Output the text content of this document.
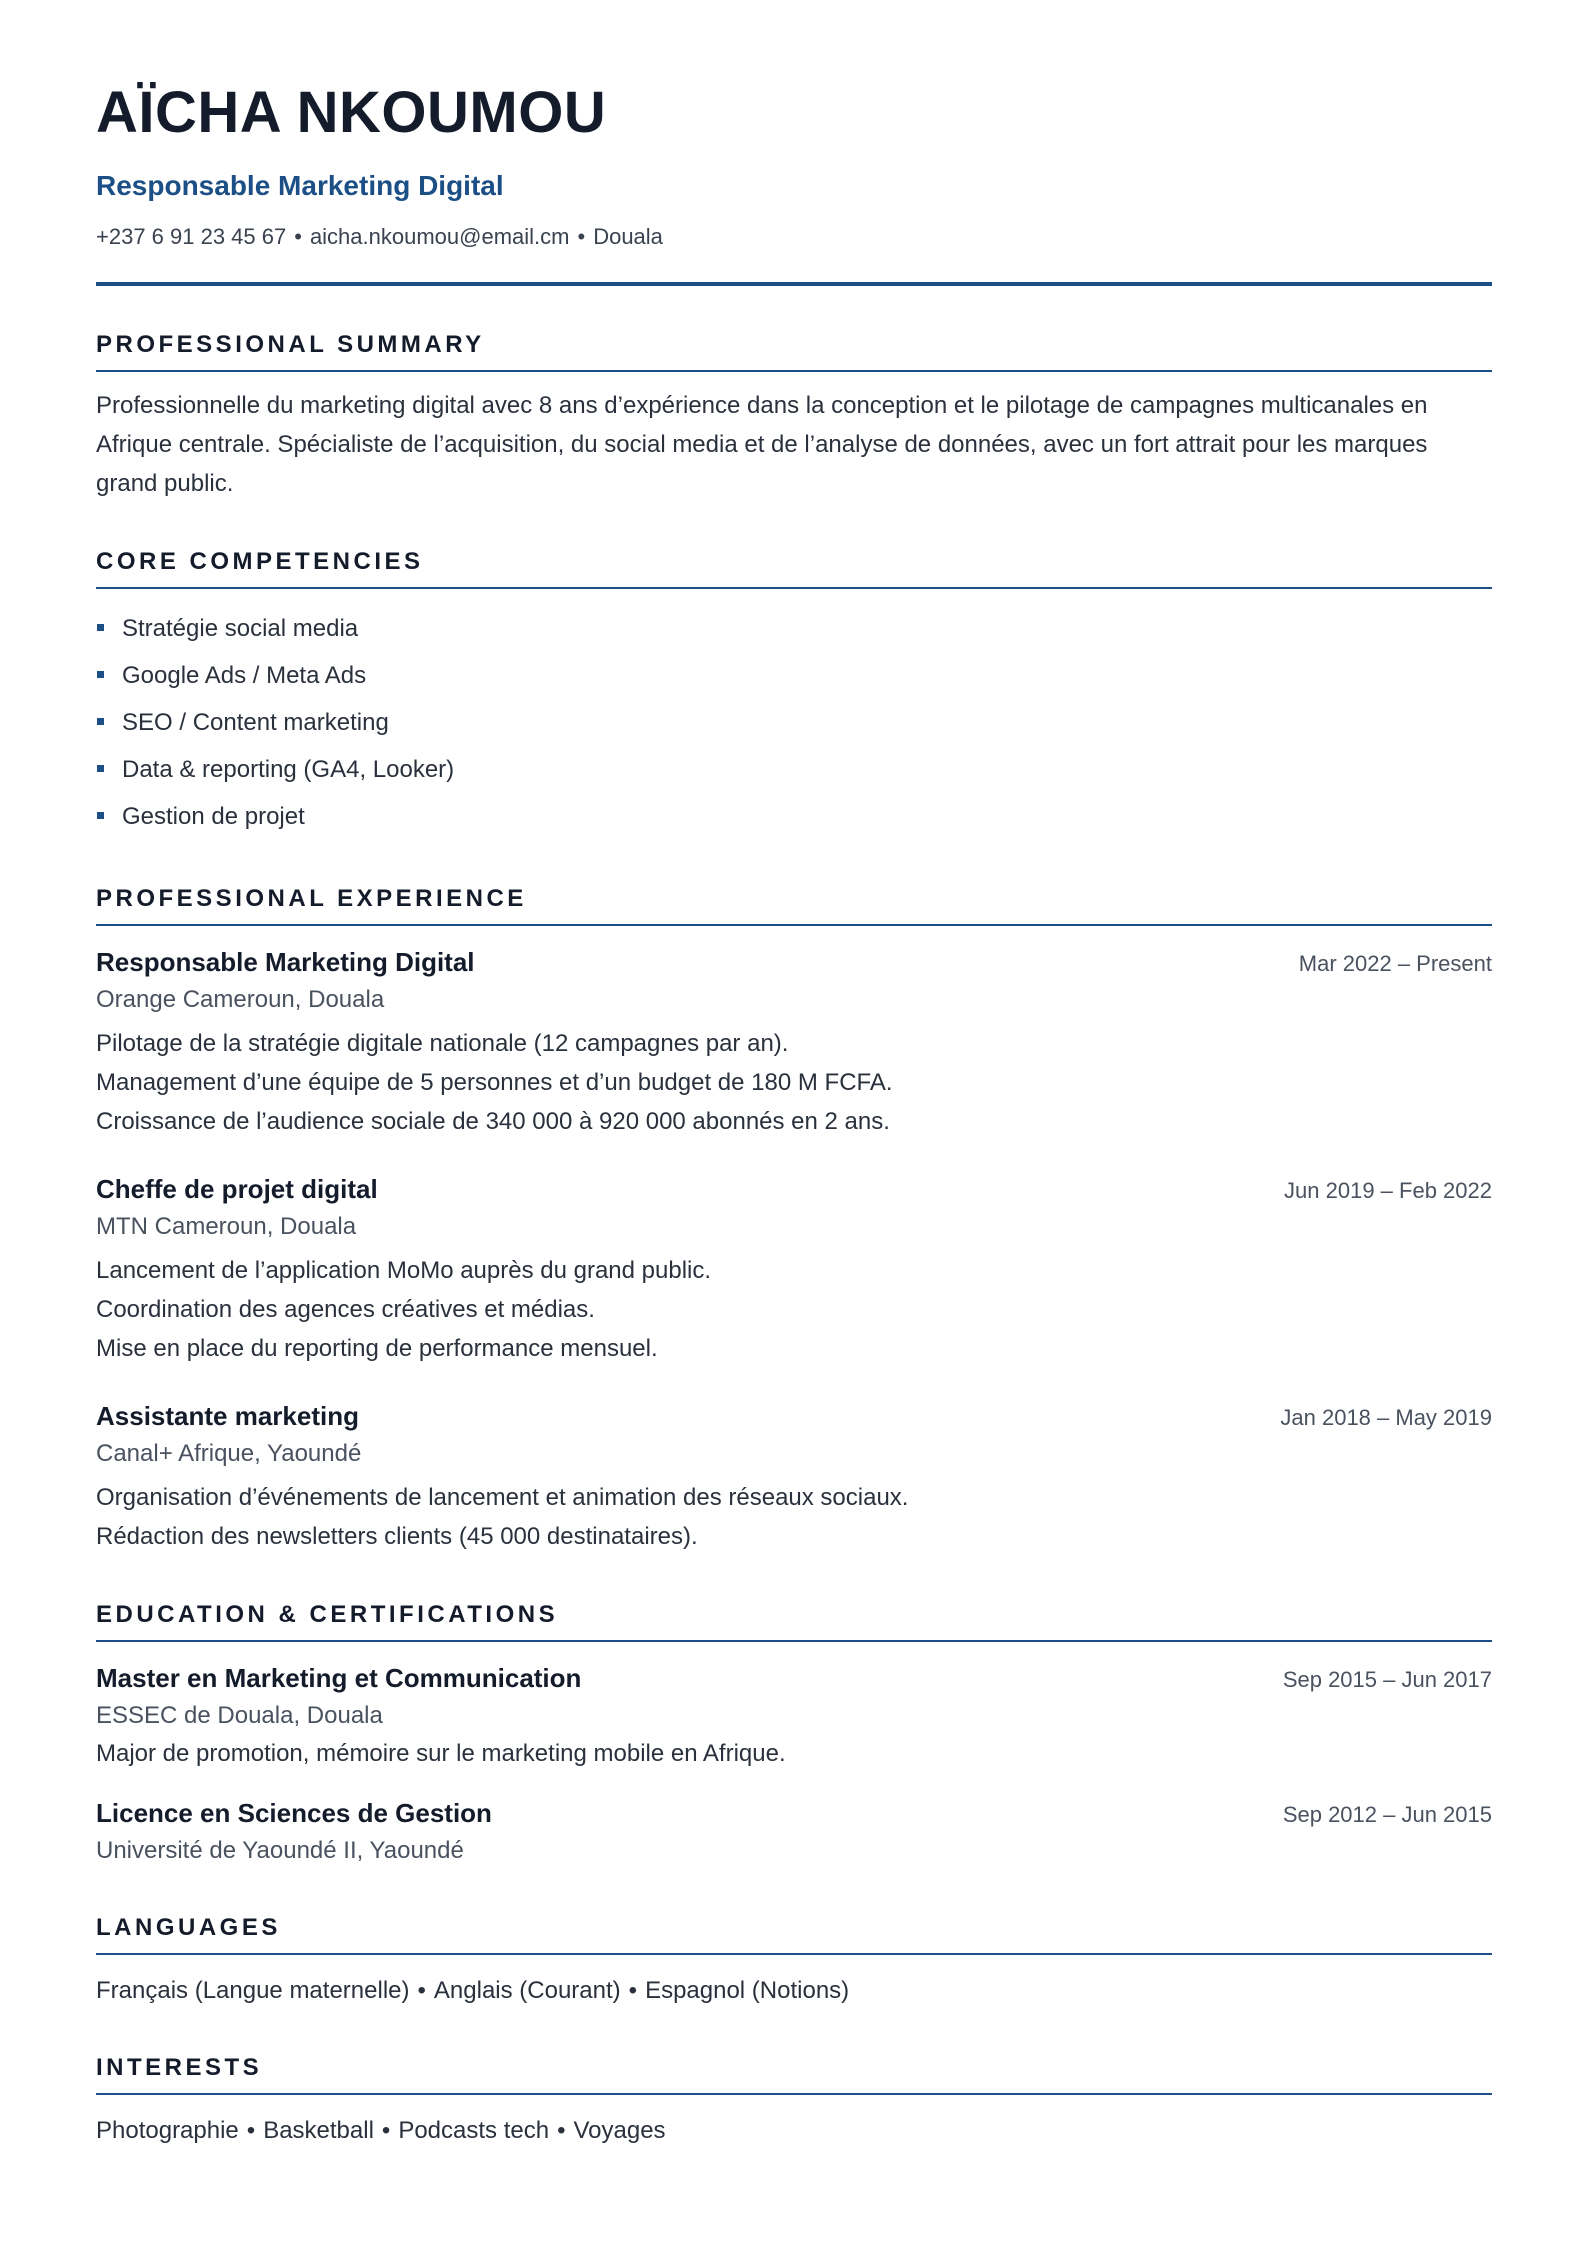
AÏCHA NKOUMOU
Responsable Marketing Digital
+237 6 91 23 45 67 • aicha.nkoumou@email.cm • Douala
PROFESSIONAL SUMMARY
Professionnelle du marketing digital avec 8 ans d’expérience dans la conception et le pilotage de campagnes multicanales en Afrique centrale. Spécialiste de l’acquisition, du social media et de l’analyse de données, avec un fort attrait pour les marques grand public.
CORE COMPETENCIES
Stratégie social media
Google Ads / Meta Ads
SEO / Content marketing
Data & reporting (GA4, Looker)
Gestion de projet
PROFESSIONAL EXPERIENCE
Responsable Marketing Digital	Mar 2022 – Present
Orange Cameroun, Douala
Pilotage de la stratégie digitale nationale (12 campagnes par an).
Management d’une équipe de 5 personnes et d’un budget de 180 M FCFA.
Croissance de l’audience sociale de 340 000 à 920 000 abonnés en 2 ans.
Cheffe de projet digital	Jun 2019 – Feb 2022
MTN Cameroun, Douala
Lancement de l’application MoMo auprès du grand public.
Coordination des agences créatives et médias.
Mise en place du reporting de performance mensuel.
Assistante marketing	Jan 2018 – May 2019
Canal+ Afrique, Yaoundé
Organisation d’événements de lancement et animation des réseaux sociaux.
Rédaction des newsletters clients (45 000 destinataires).
EDUCATION & CERTIFICATIONS
Master en Marketing et Communication	Sep 2015 – Jun 2017
ESSEC de Douala, Douala
Major de promotion, mémoire sur le marketing mobile en Afrique.
Licence en Sciences de Gestion	Sep 2012 – Jun 2015
Université de Yaoundé II, Yaoundé
LANGUAGES
Français (Langue maternelle) • Anglais (Courant) • Espagnol (Notions)
INTERESTS
Photographie • Basketball • Podcasts tech • Voyages
